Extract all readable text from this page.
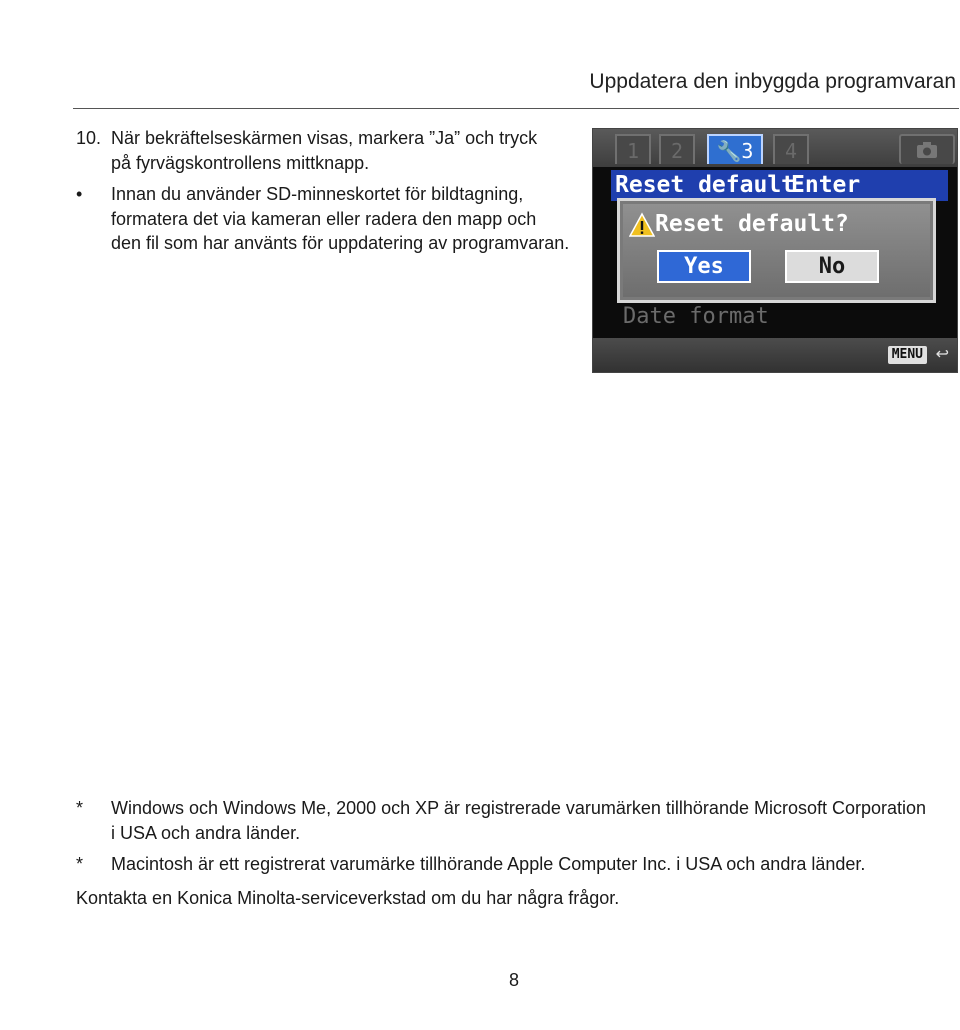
Uppdatera den inbyggda programvaran
10. När bekräftelseskärmen visas, markera ”Ja” och tryck på fyrvägskontrollens mittknapp.
• Innan du använder SD-minneskortet för bildtagning, formatera det via kameran eller radera den mapp och den fil som har använts för uppdatering av programvaran.
1	2	🔧3	4
Reset default
Enter
Reset default?
Yes	No
Date format
MENU ↩
* Windows och Windows Me, 2000 och XP är registrerade varumärken tillhörande Microsoft Corporation i USA och andra länder.
* Macintosh är ett registrerat varumärke tillhörande Apple Computer Inc. i USA och andra länder.
Kontakta en Konica Minolta-serviceverkstad om du har några frågor.
8
